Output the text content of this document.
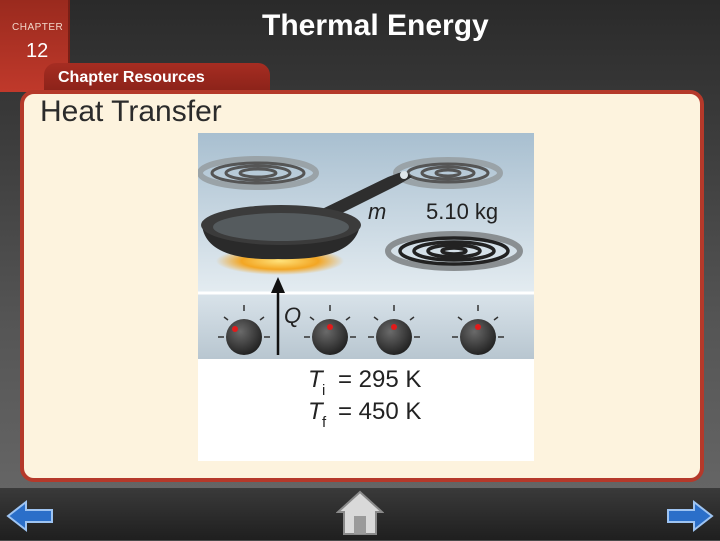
CHAPTER
12
Thermal Energy
Chapter Resources
Heat Transfer
m 5.10 kg
Q
T i = 295 K
T f = 450 K
